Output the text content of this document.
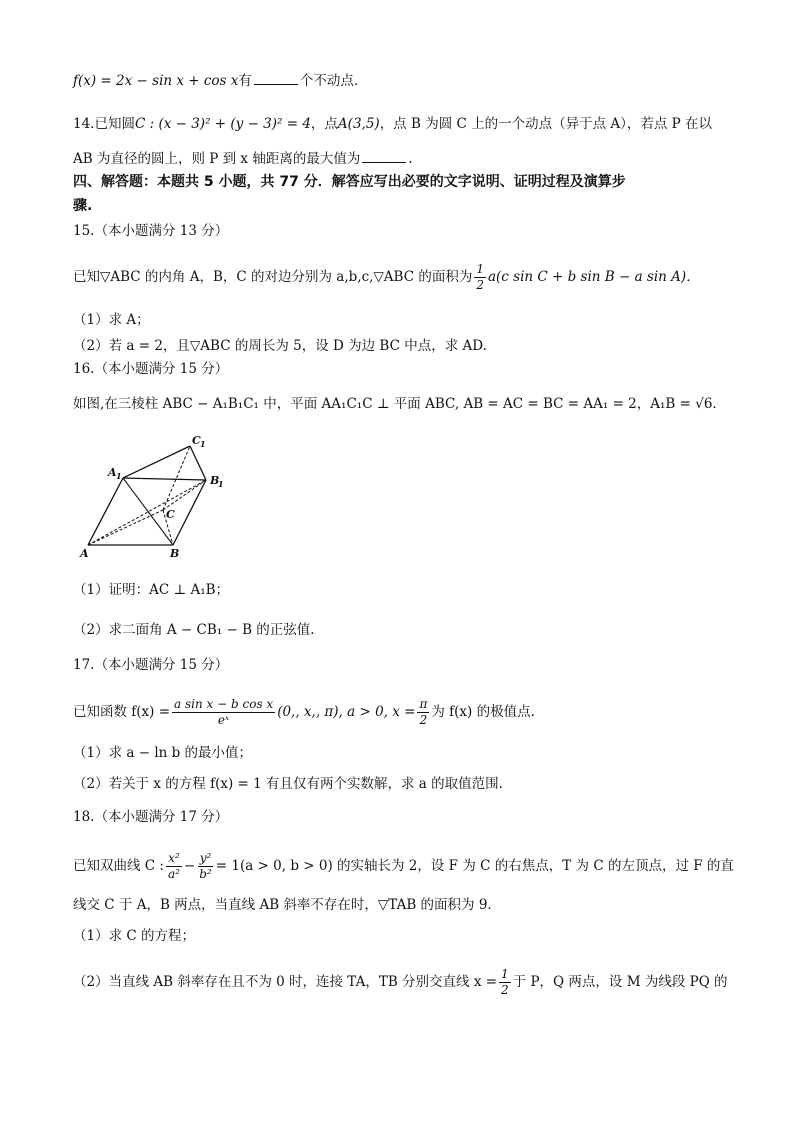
f(x) = 2x − sin x + cos x有	个不动点.
14.已知圆C : (x − 3)² + (y − 3)² = 4，点A(3,5)，点 B 为圆 C 上的一个动点（异于点 A），若点 P 在以
AB 为直径的圆上，则 P 到 x 轴距离的最大值为	.
四、解答题：本题共 5 小题，共 77 分．解答应写出必要的文字说明、证明过程及演算步
骤.
15.（本小题满分 13 分）
已知▽ABC 的内角 A，B，C 的对边分别为 a,b,c,▽ABC 的面积为 $\frac{1}{2} a(c$ sin C + b sin B − a sin A)．
（1）求 A；
（2）若 a = 2，且▽ABC 的周长为 5，设 D 为边 BC 中点，求 AD.
16.（本小题满分 15 分）
如图,在三棱柱 ABC − A₁B₁C₁ 中，平面 AA₁C₁C ⊥ 平面 ABC, AB = AC = BC = AA₁ = 2，A₁B = √6．
A	B
C
A 1	B
1
C 1
（1）证明：AC ⊥ A₁B；
（2）求二面角 A − CB₁ − B 的正弦值.
17.（本小题满分 15 分）
已知函数 $f(x) = \frac{\text{a sin x − b cos x}}{\text{eˣ}} (0$,, x,, π), a > 0, $x = \frac{\pi}{2}$ 为 f(x) 的极值点.
（1）求 a − ln b 的最小值；
（2）若关于 x 的方程 f(x) = 1 有且仅有两个实数解，求 a 的取值范围.
18.（本小题满分 17 分）
已知双曲线 C : $\frac{\text{x²}}{\text{a²}} - \frac{\text{y²}}{\text{b²}} = 1(a > 0$, b > 0) 的实轴长为 2，设 F 为 C 的右焦点，T 为 C 的左顶点，过 F 的直
线交 C 于 A，B 两点，当直线 AB 斜率不存在时，▽TAB 的面积为 9．
（1）求 C 的方程；
（2）当直线 AB 斜率存在且不为 0 时，连接 TA，TB 分别交直线 $x = \frac{1}{2}$ 于 P，Q 两点，设 M 为线段 PQ 的
